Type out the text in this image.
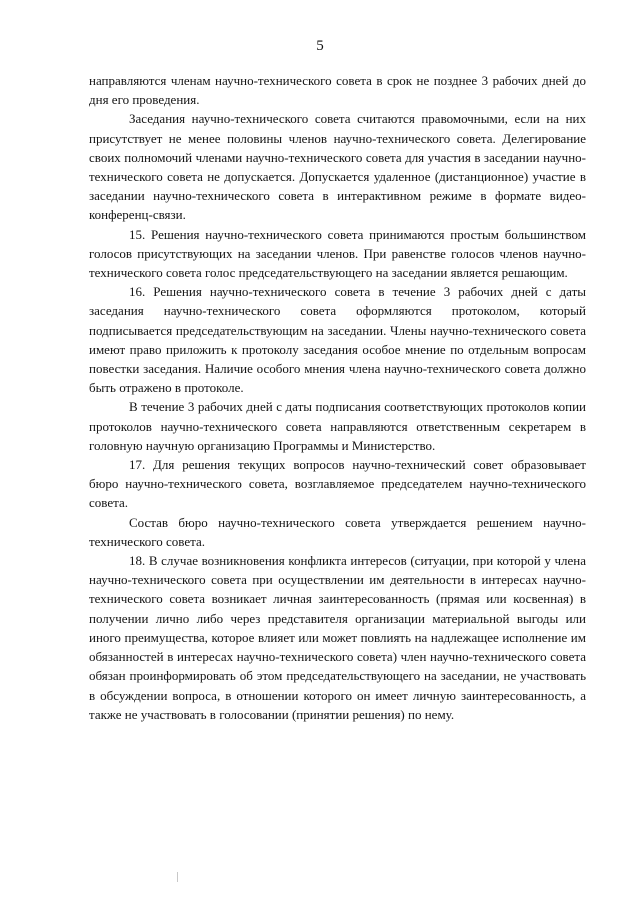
5

направляются членам научно-технического совета в срок не позднее 3 рабочих дней до дня его проведения.

Заседания научно-технического совета считаются правомочными, если на них присутствует не менее половины членов научно-технического совета. Делегирование своих полномочий членами научно-технического совета для участия в заседании научно-технического совета не допускается. Допускается удаленное (дистанционное) участие в заседании научно-технического совета в интерактивном режиме в формате видео-конференц-связи.

15. Решения научно-технического совета принимаются простым большинством голосов присутствующих на заседании членов. При равенстве голосов членов научно-технического совета голос председательствующего на заседании является решающим.

16. Решения научно-технического совета в течение 3 рабочих дней с даты заседания научно-технического совета оформляются протоколом, который подписывается председательствующим на заседании. Члены научно-технического совета имеют право приложить к протоколу заседания особое мнение по отдельным вопросам повестки заседания. Наличие особого мнения члена научно-технического совета должно быть отражено в протоколе.

В течение 3 рабочих дней с даты подписания соответствующих протоколов копии протоколов научно-технического совета направляются ответственным секретарем в головную научную организацию Программы и Министерство.

17. Для решения текущих вопросов научно-технический совет образовывает бюро научно-технического совета, возглавляемое председателем научно-технического совета.

Состав бюро научно-технического совета утверждается решением научно-технического совета.

18. В случае возникновения конфликта интересов (ситуации, при которой у члена научно-технического совета при осуществлении им деятельности в интересах научно-технического совета возникает личная заинтересованность (прямая или косвенная) в получении лично либо через представителя организации материальной выгоды или иного преимущества, которое влияет или может повлиять на надлежащее исполнение им обязанностей в интересах научно-технического совета) член научно-технического совета обязан проинформировать об этом председательствующего на заседании, не участвовать в обсуждении вопроса, в отношении которого он имеет личную заинтересованность, а также не участвовать в голосовании (принятии решения) по нему.
